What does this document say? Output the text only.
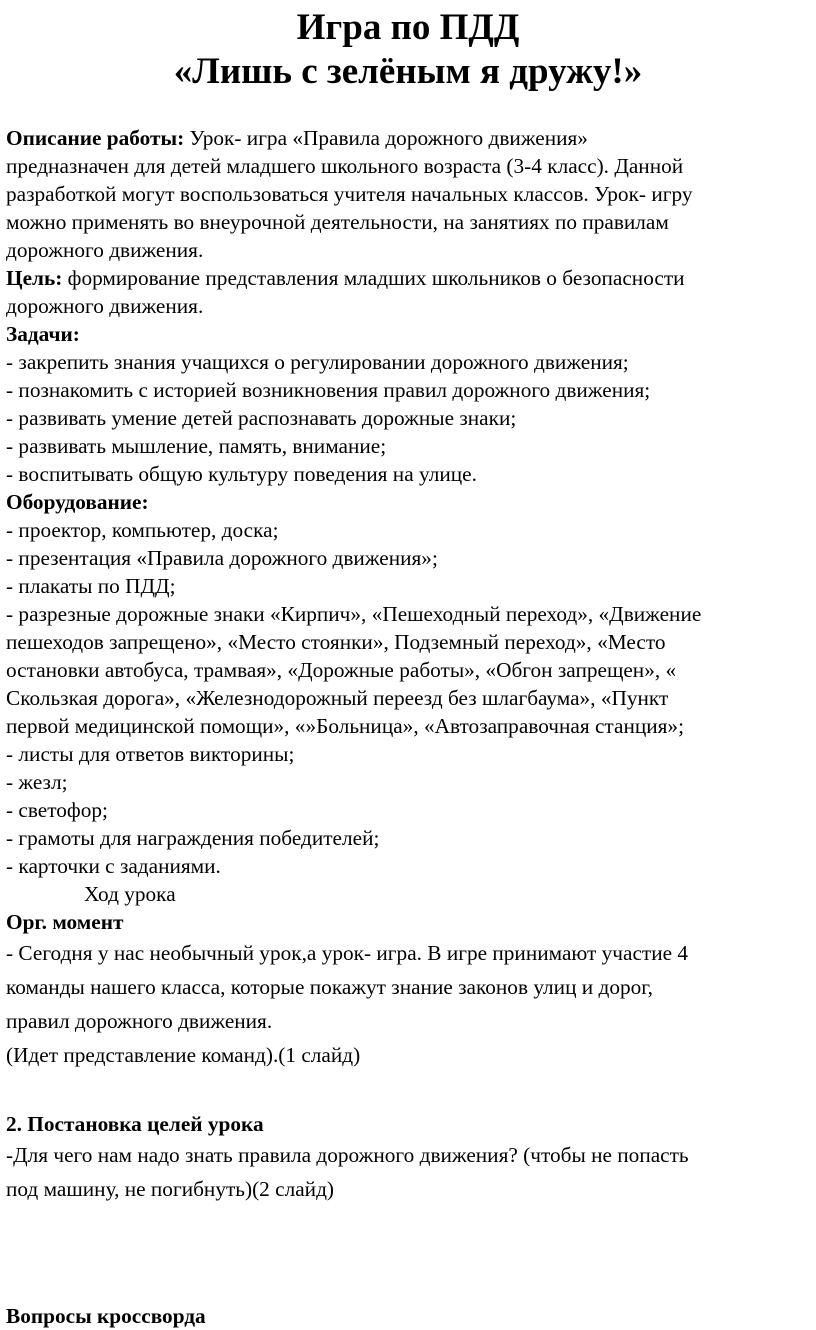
Игра по ПДД
«Лишь с зелёным я дружу!»
Описание работы: Урок- игра «Правила дорожного движения»
предназначен для детей младшего школьного возраста (3-4 класс). Данной
разработкой могут воспользоваться учителя начальных классов. Урок- игру
можно применять во внеурочной деятельности, на занятиях по правилам
дорожного движения.
Цель: формирование представления младших школьников о безопасности
дорожного движения.
Задачи:
- закрепить знания учащихся о регулировании дорожного движения;
- познакомить с историей возникновения правил дорожного движения;
- развивать умение детей распознавать дорожные знаки;
- развивать мышление, память, внимание;
- воспитывать общую культуру поведения на улице.
Оборудование:
- проектор, компьютер, доска;
- презентация «Правила дорожного движения»;
- плакаты по ПДД;
- разрезные дорожные знаки «Кирпич», «Пешеходный переход», «Движение
пешеходов запрещено», «Место стоянки», Подземный переход», «Место
остановки автобуса, трамвая», «Дорожные работы», «Обгон запрещен», «
Скользкая дорога», «Железнодорожный переезд без шлагбаума», «Пункт
первой медицинской помощи», «»Больница», «Автозаправочная станция»;
- листы для ответов викторины;
- жезл;
- светофор;
- грамоты для награждения победителей;
- карточки с заданиями.
Ход урока
Орг. момент
- Сегодня у нас необычный урок,а урок- игра. В игре принимают участие 4
команды нашего класса, которые покажут знание законов улиц и дорог,
правил дорожного движения.
(Идет представление команд).(1 слайд)
2. Постановка целей урока
-Для чего нам надо знать правила дорожного движения? (чтобы не попасть
под машину, не погибнуть)(2 слайд)
Вопросы кроссворда
